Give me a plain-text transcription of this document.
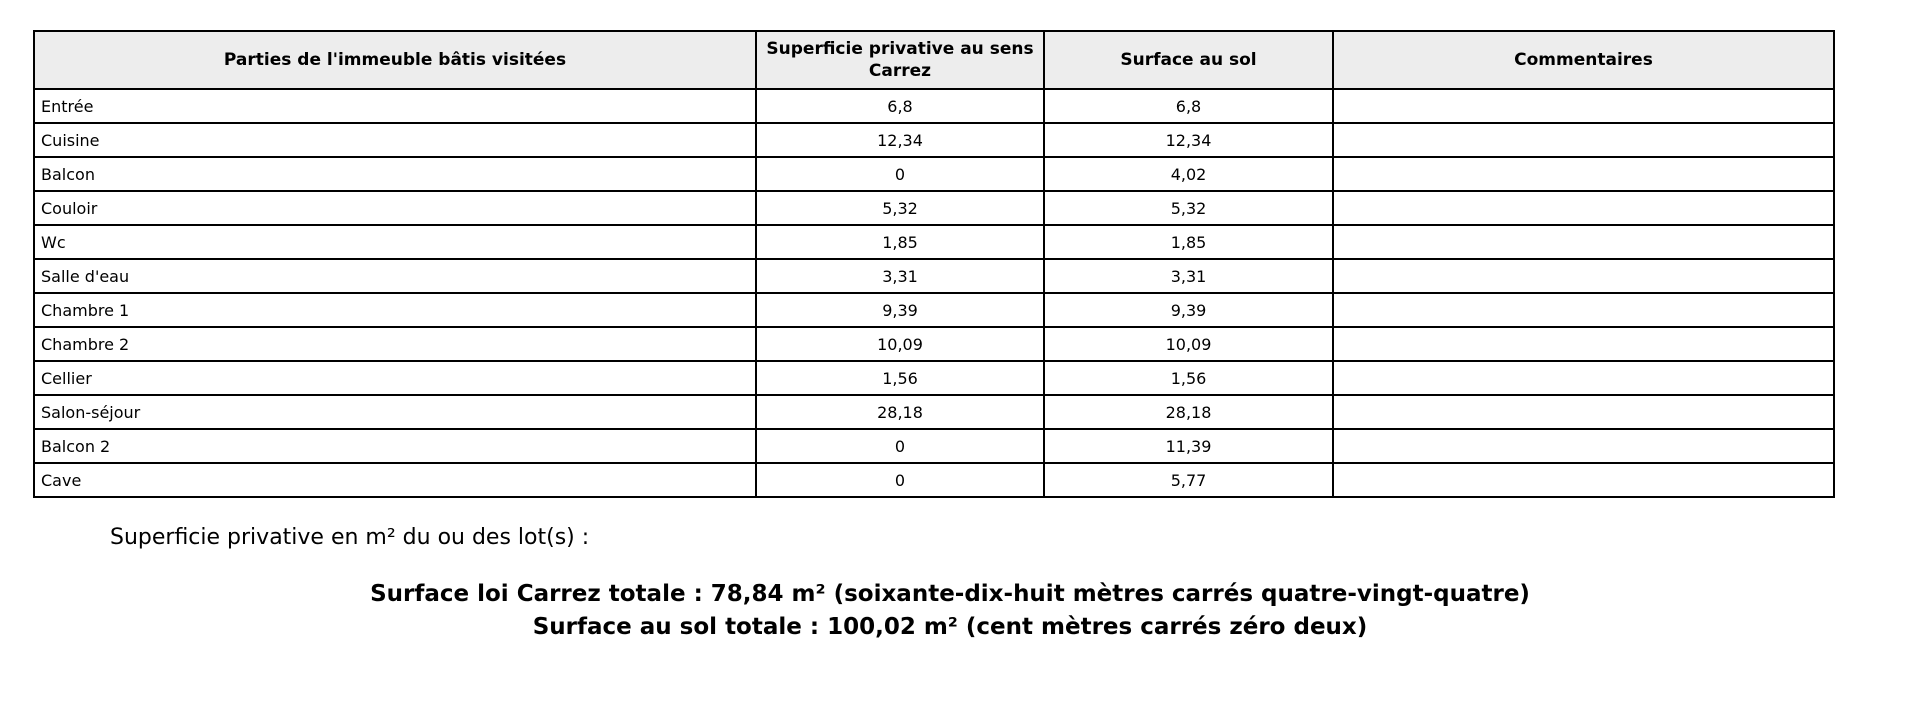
Parties de l'immeuble bâtis visitées	Superficie privative au sens Carrez	Surface au sol	Commentaires
Entrée	6,8	6,8	
Cuisine	12,34	12,34	
Balcon	0	4,02	
Couloir	5,32	5,32	
Wc	1,85	1,85	
Salle d'eau	3,31	3,31	
Chambre 1	9,39	9,39	
Chambre 2	10,09	10,09	
Cellier	1,56	1,56	
Salon-séjour	28,18	28,18	
Balcon 2	0	11,39	
Cave	0	5,77	
Superficie privative en m² du ou des lot(s) :
Surface loi Carrez totale : 78,84 m² (soixante-dix-huit mètres carrés quatre-vingt-quatre)
Surface au sol totale : 100,02 m² (cent mètres carrés zéro deux)
